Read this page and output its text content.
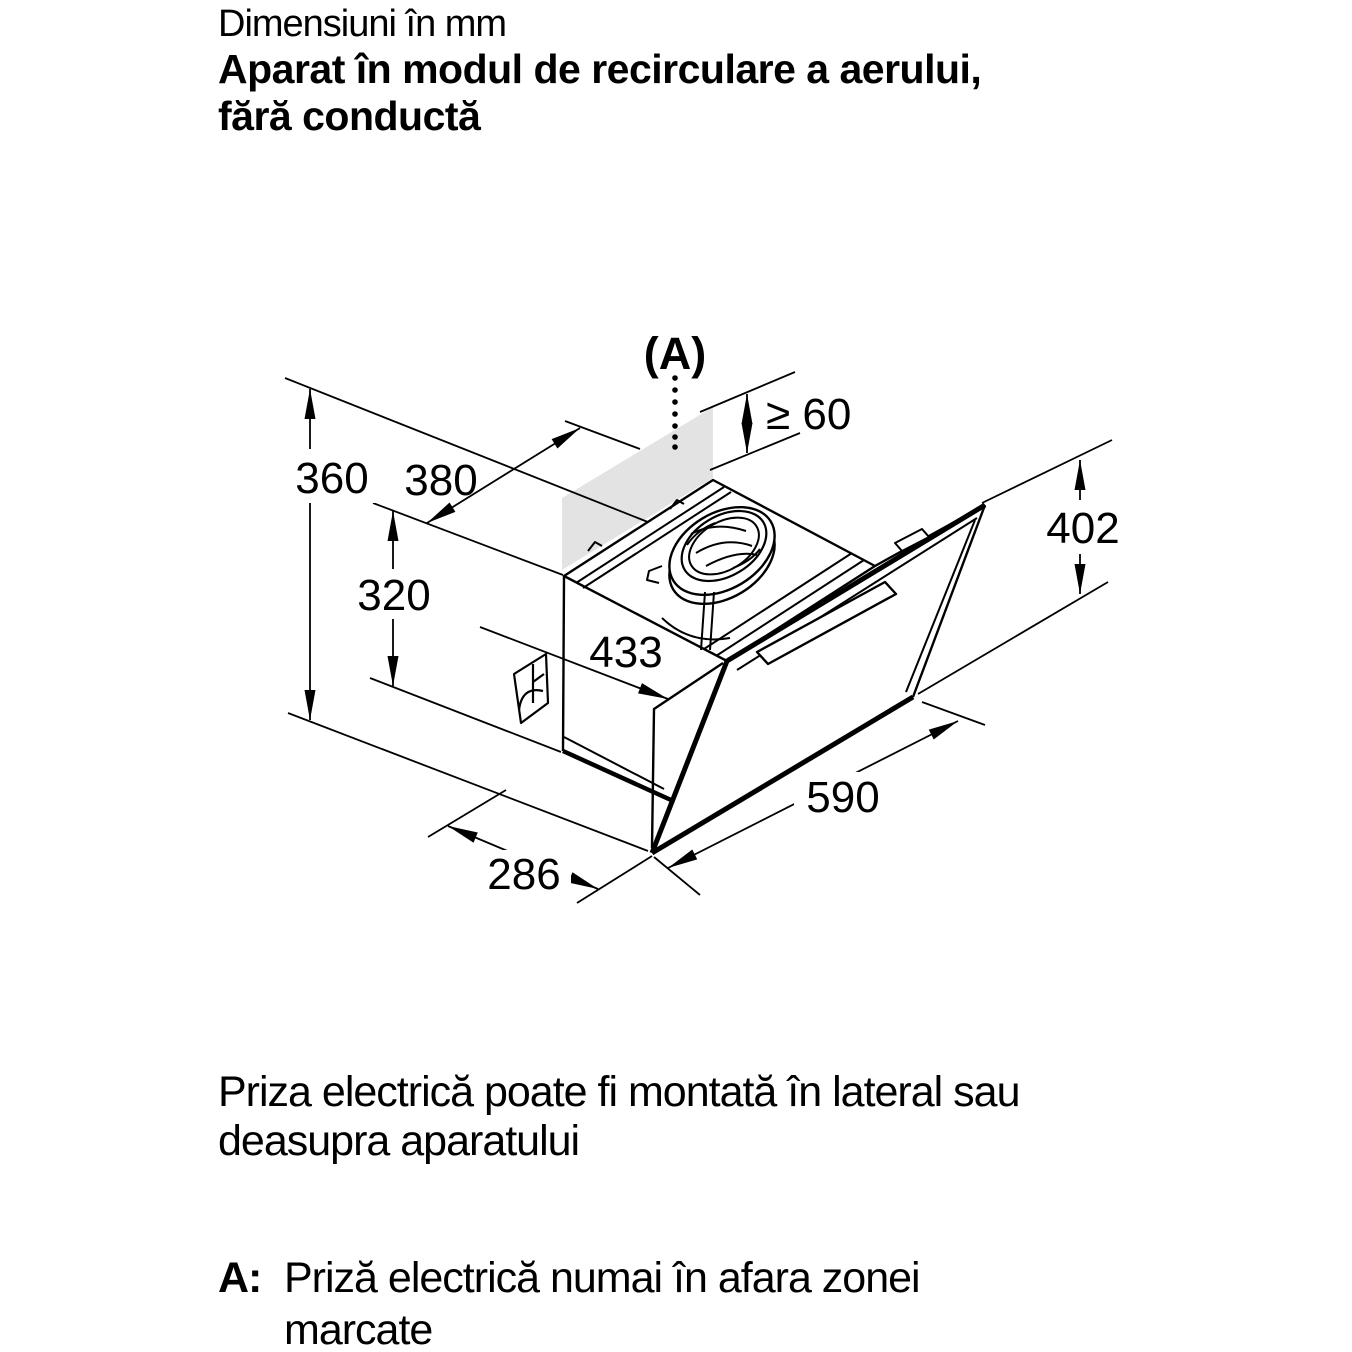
Dimensiuni în mm
Aparat în modul de recirculare a aerului,
fără conductă
360
320
380
≥ 60
402
433
590
286
(A)
Priza electrică poate fi montată în lateral sau
deasupra aparatului
A: Priză electrică numai în afara zonei
marcate
